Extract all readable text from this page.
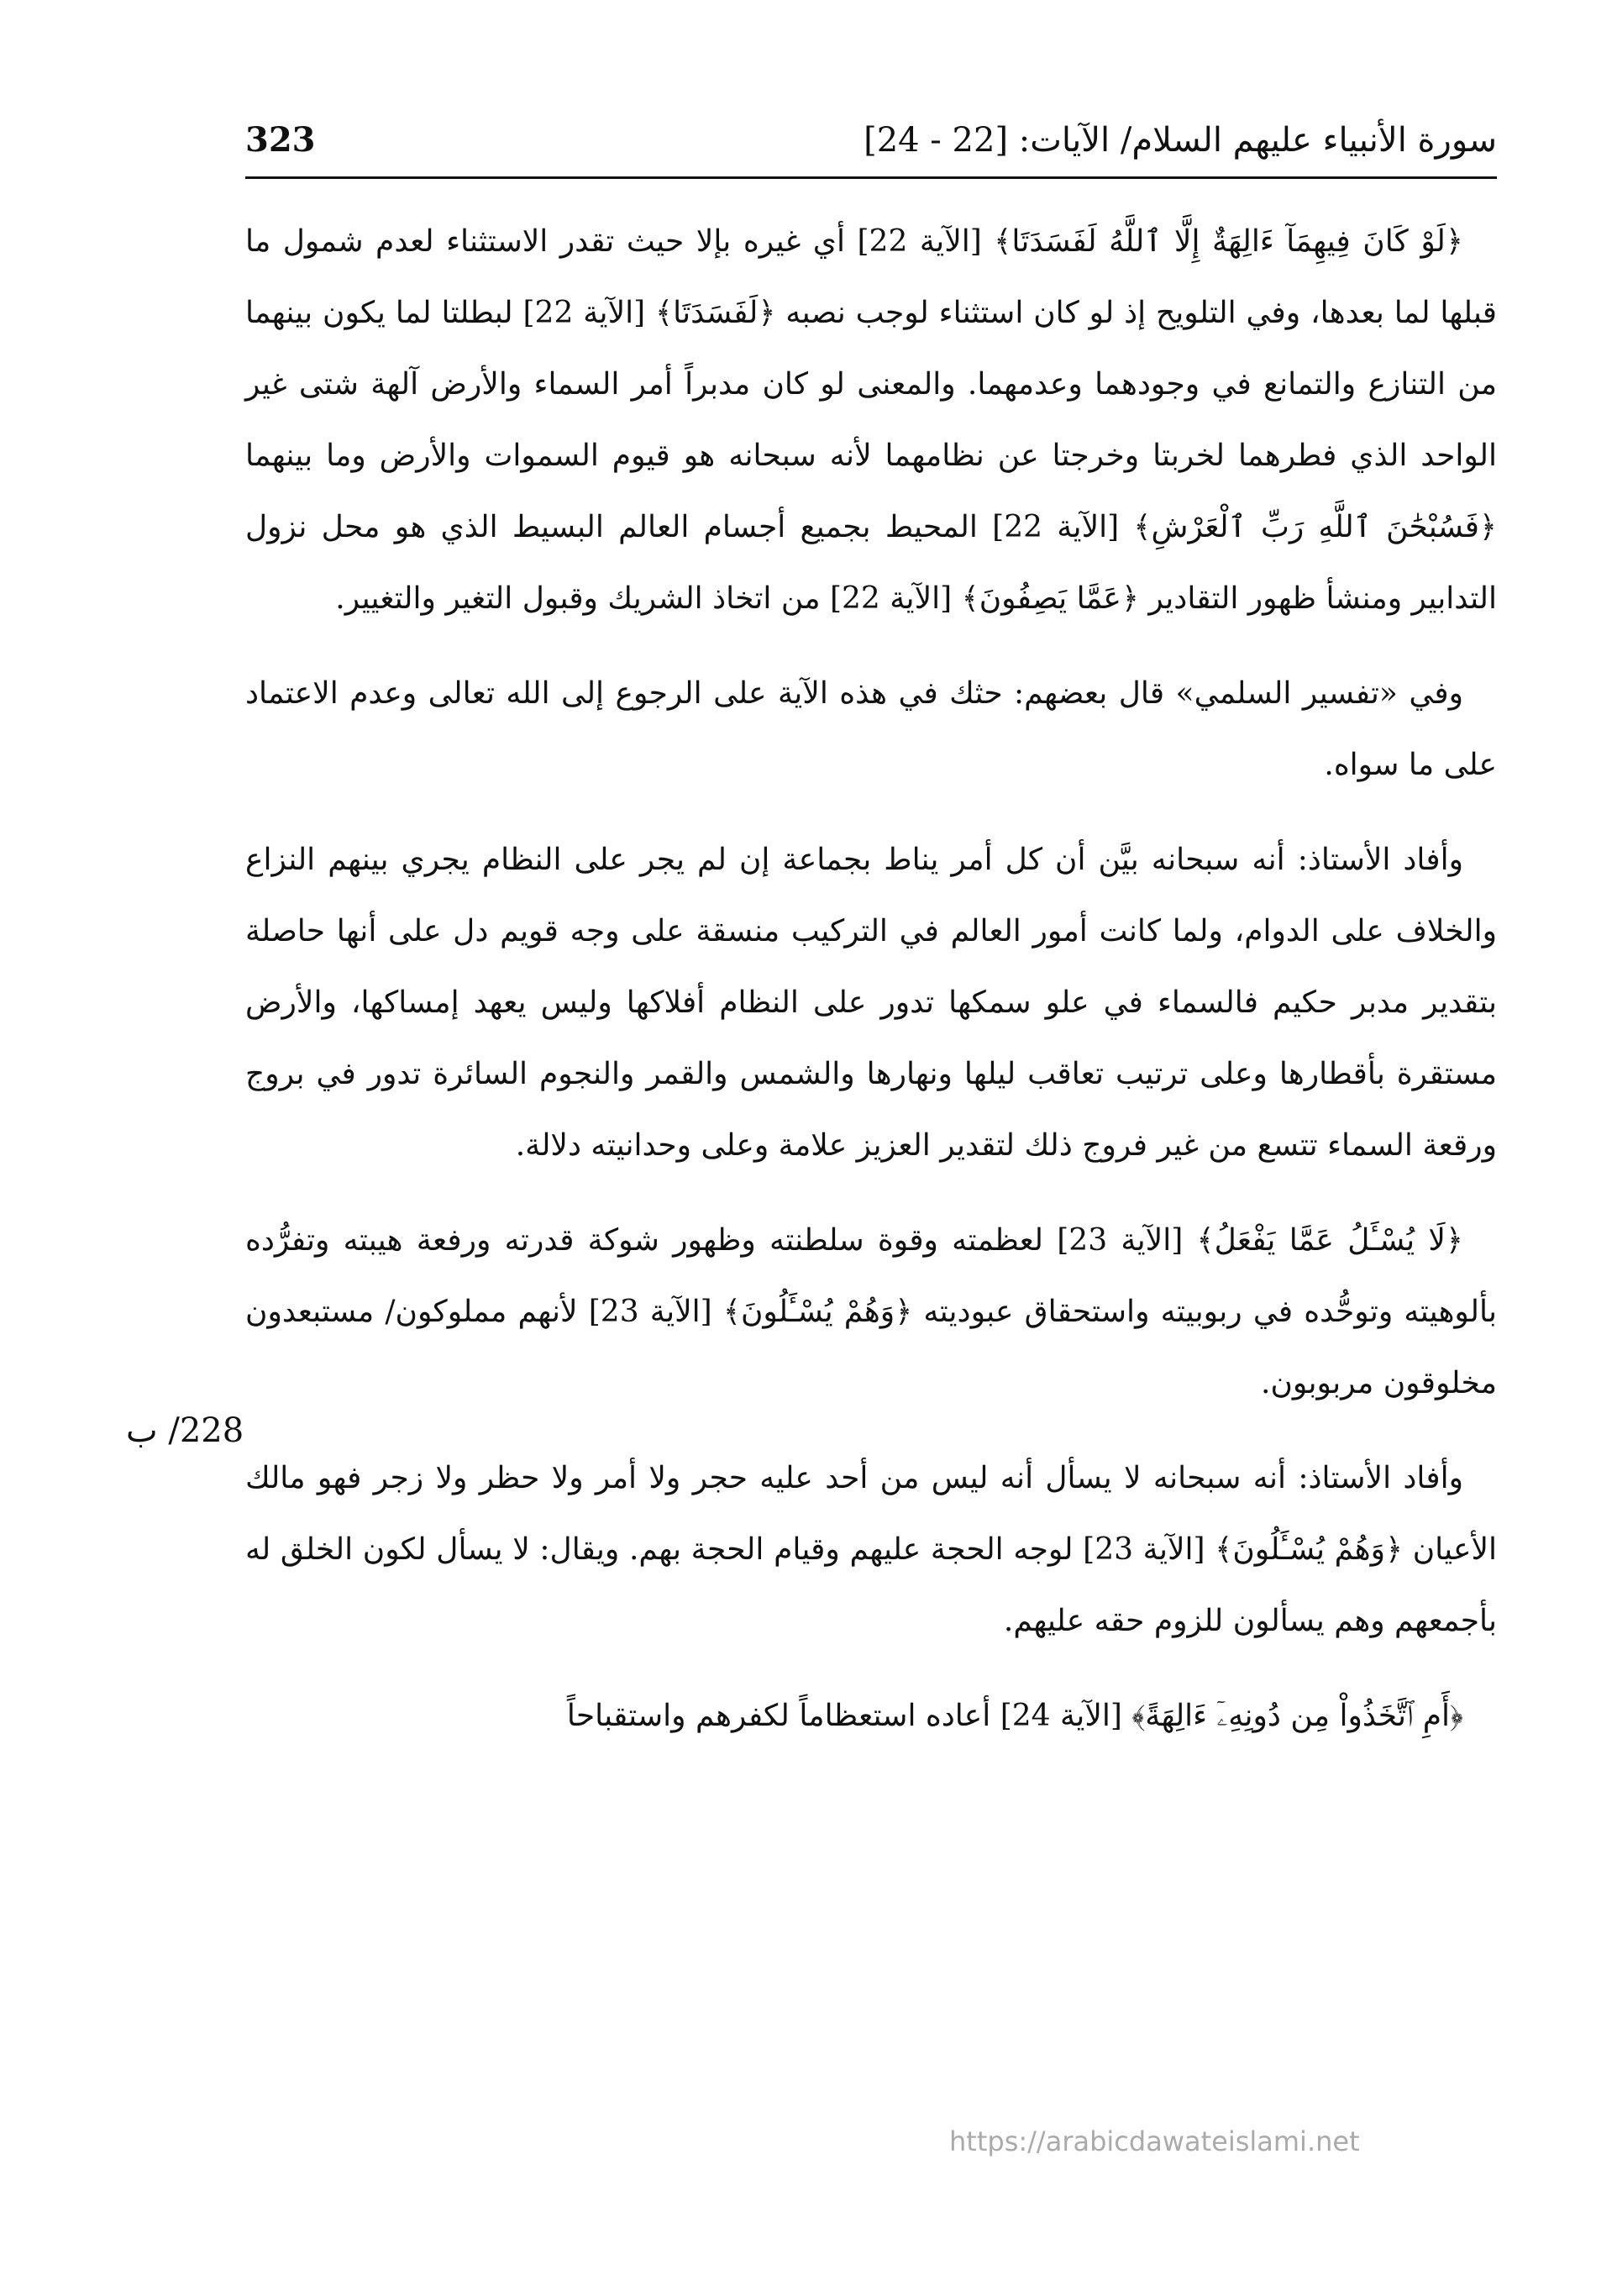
سورة الأنبياء عليهم السلام/ الآيات: [22 - 24]
323

﴿لَوْ كَانَ فِيهِمَآ ءَالِهَةٌ إِلَّا ٱللَّهُ لَفَسَدَتَا﴾ [الآية 22] أي غيره بإلا حيث تقدر الاستثناء لعدم شمول ما قبلها لما بعدها، وفي التلويح إذ لو كان استثناء لوجب نصبه ﴿لَفَسَدَتَا﴾ [الآية 22] لبطلتا لما يكون بينهما من التنازع والتمانع في وجودهما وعدمهما. والمعنى لو كان مدبراً أمر السماء والأرض آلهة شتى غير الواحد الذي فطرهما لخربتا وخرجتا عن نظامهما لأنه سبحانه هو قيوم السموات والأرض وما بينهما ﴿فَسُبْحَٰنَ ٱللَّهِ رَبِّ ٱلْعَرْشِ﴾ [الآية 22] المحيط بجميع أجسام العالم البسيط الذي هو محل نزول التدابير ومنشأ ظهور التقادير ﴿عَمَّا يَصِفُونَ﴾ [الآية 22] من اتخاذ الشريك وقبول التغير والتغيير.

وفي «تفسير السلمي» قال بعضهم: حثك في هذه الآية على الرجوع إلى الله تعالى وعدم الاعتماد على ما سواه.

وأفاد الأستاذ: أنه سبحانه بيَّن أن كل أمر يناط بجماعة إن لم يجر على النظام يجري بينهم النزاع والخلاف على الدوام، ولما كانت أمور العالم في التركيب منسقة على وجه قويم دل على أنها حاصلة بتقدير مدبر حكيم فالسماء في علو سمكها تدور على النظام أفلاكها وليس يعهد إمساكها، والأرض مستقرة بأقطارها وعلى ترتيب تعاقب ليلها ونهارها والشمس والقمر والنجوم السائرة تدور في بروج ورقعة السماء تتسع من غير فروج ذلك لتقدير العزيز علامة وعلى وحدانيته دلالة.

﴿لَا يُسْـَٔلُ عَمَّا يَفْعَلُ﴾ [الآية 23] لعظمته وقوة سلطنته وظهور شوكة قدرته ورفعة هيبته وتفرُّده بألوهيته وتوحُّده في ربوبيته واستحقاق عبوديته ﴿وَهُمْ يُسْـَٔلُونَ﴾ [الآية 23] لأنهم مملوكون/ مستبعدون مخلوقون مربوبون.

وأفاد الأستاذ: أنه سبحانه لا يسأل أنه ليس من أحد عليه حجر ولا أمر ولا حظر ولا زجر فهو مالك الأعيان ﴿وَهُمْ يُسْـَٔلُونَ﴾ [الآية 23] لوجه الحجة عليهم وقيام الحجة بهم. ويقال: لا يسأل لكون الخلق له بأجمعهم وهم يسألون للزوم حقه عليهم.

﴿أَمِ ٱتَّخَذُواْ مِن دُونِهِۦٓ ءَالِهَةً﴾ [الآية 24] أعاده استعظاماً لكفرهم واستقباحاً

228/ ب
https://arabicdawateislami.net
